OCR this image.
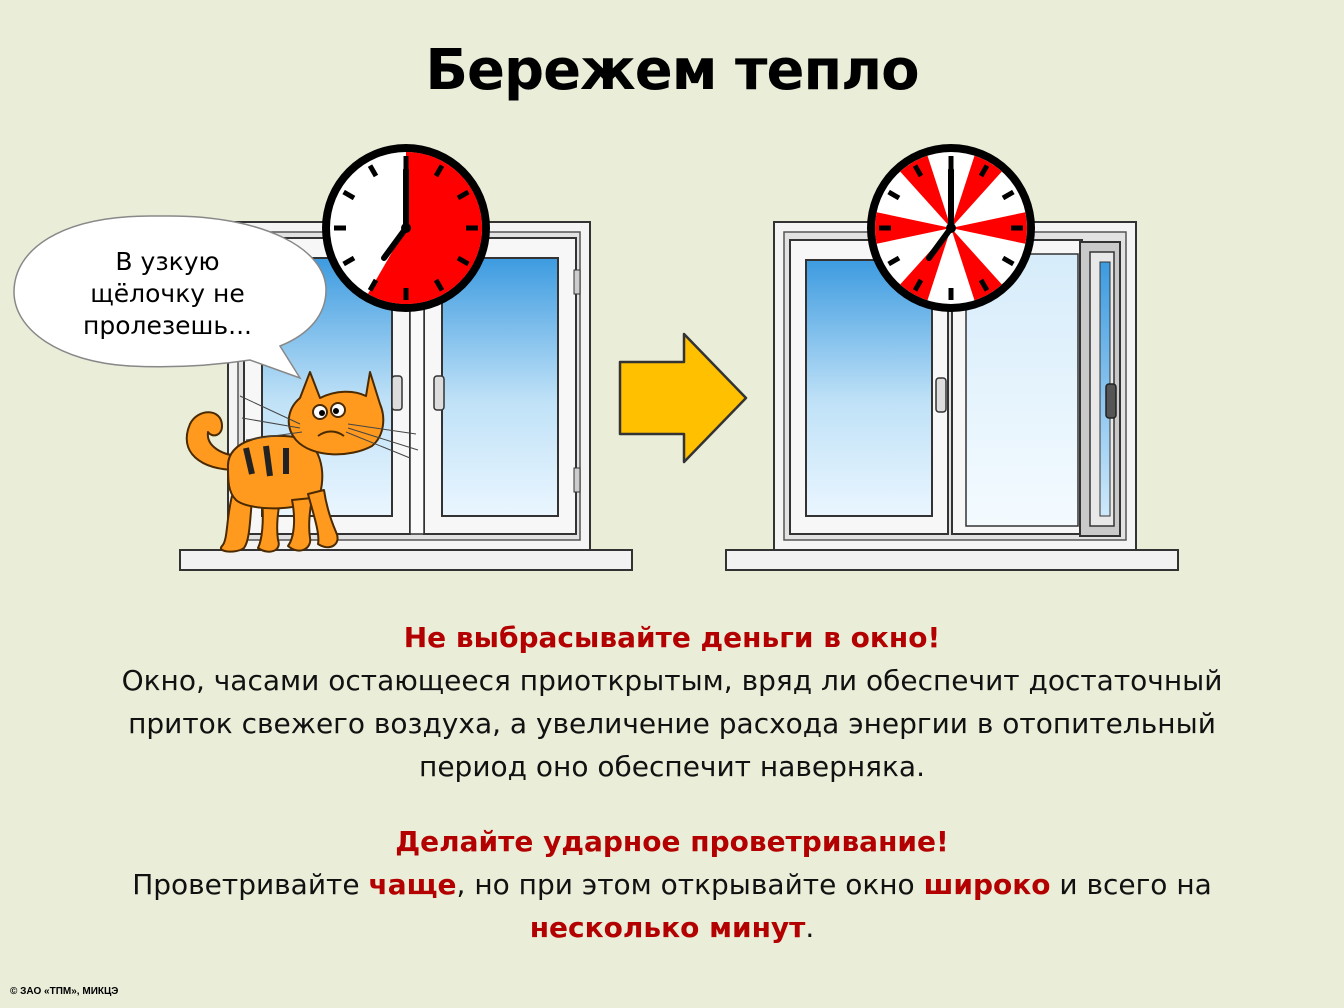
Бережем тепло
В узкую
щёлочку не
пролезешь...
Не выбрасывайте деньги в окно!
Окно, часами остающееся приоткрытым, вряд ли обеспечит достаточный
приток свежего воздуха, а увеличение расхода энергии в отопительный
период оно обеспечит наверняка.
Делайте ударное проветривание!
Проветривайте чаще, но при этом открывайте окно широко и всего на
несколько минут.
© ЗАО «ТПМ», МИКЦЭ
